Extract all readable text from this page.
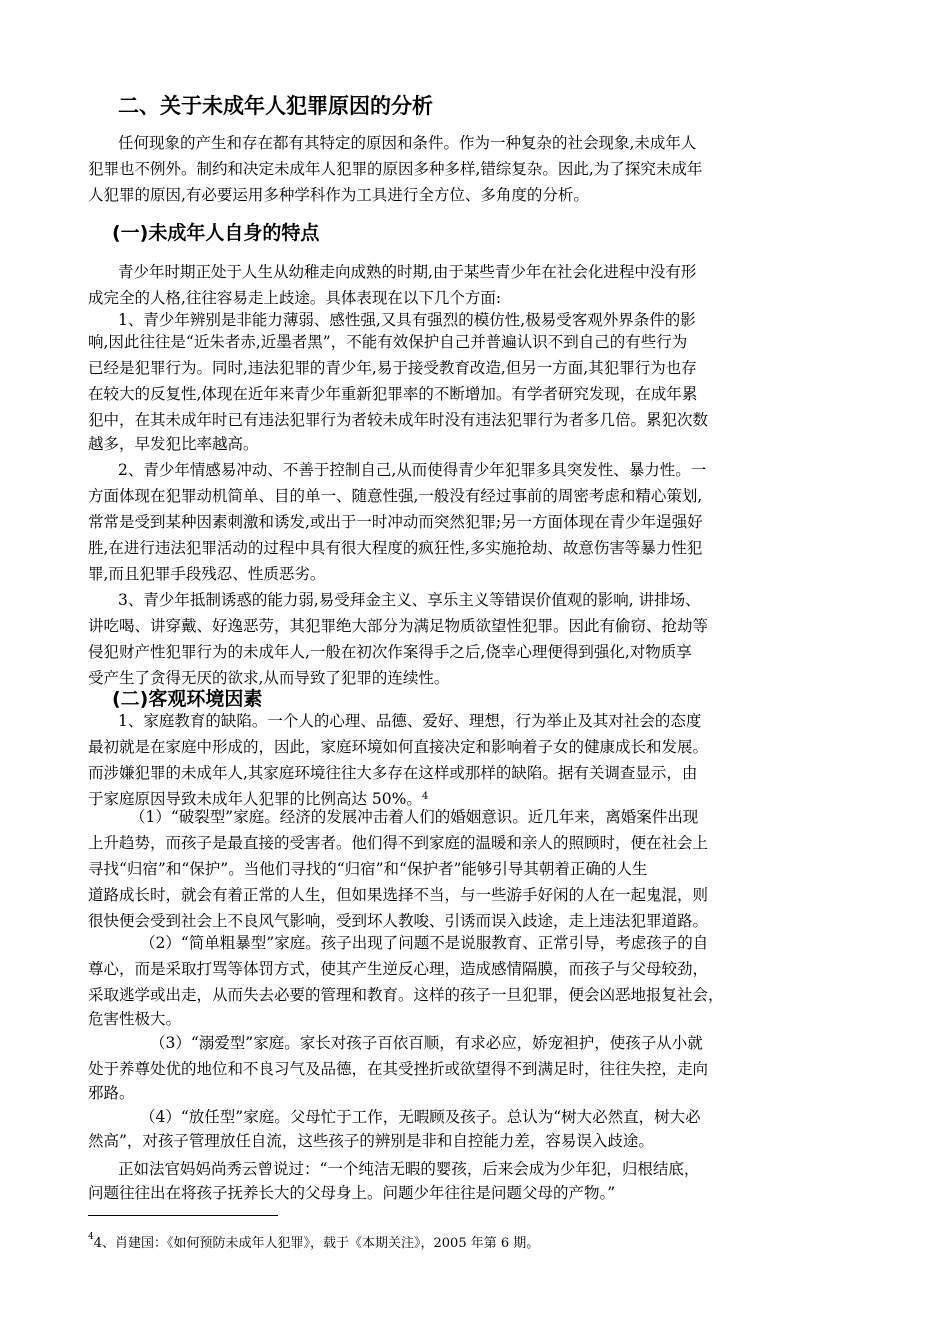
二、关于未成年人犯罪原因的分析
任何现象的产生和存在都有其特定的原因和条件。作为一种复杂的社会现象,未成年人
犯罪也不例外。制约和决定未成年人犯罪的原因多种多样,错综复杂。因此,为了探究未成年
人犯罪的原因,有必要运用多种学科作为工具进行全方位、多角度的分析。
(一)未成年人自身的特点
青少年时期正处于人生从幼稚走向成熟的时期,由于某些青少年在社会化进程中没有形
成完全的人格,往往容易走上歧途。具体表现在以下几个方面:
1、青少年辨别是非能力薄弱、感性强,又具有强烈的模仿性,极易受客观外界条件的影
响,因此往往是“近朱者赤,近墨者黑”，不能有效保护自己并普遍认识不到自己的有些行为
已经是犯罪行为。同时,违法犯罪的青少年,易于接受教育改造,但另一方面,其犯罪行为也存
在较大的反复性,体现在近年来青少年重新犯罪率的不断增加。有学者研究发现，在成年累
犯中，在其未成年时已有违法犯罪行为者较未成年时没有违法犯罪行为者多几倍。累犯次数
越多，早发犯比率越高。
2、青少年情感易冲动、不善于控制自己,从而使得青少年犯罪多具突发性、暴力性。一
方面体现在犯罪动机简单、目的单一、随意性强,一般没有经过事前的周密考虑和精心策划,
常常是受到某种因素刺激和诱发,或出于一时冲动而突然犯罪;另一方面体现在青少年逞强好
胜,在进行违法犯罪活动的过程中具有很大程度的疯狂性,多实施抢劫、故意伤害等暴力性犯
罪,而且犯罪手段残忍、性质恶劣。
3、青少年抵制诱惑的能力弱,易受拜金主义、享乐主义等错误价值观的影响, 讲排场、
讲吃喝、讲穿戴、好逸恶劳，其犯罪绝大部分为满足物质欲望性犯罪。因此有偷窃、抢劫等
侵犯财产性犯罪行为的未成年人,一般在初次作案得手之后,侥幸心理便得到强化,对物质享
受产生了贪得无厌的欲求,从而导致了犯罪的连续性。
(二)客观环境因素
1、家庭教育的缺陷。一个人的心理、品德、爱好、理想，行为举止及其对社会的态度
最初就是在家庭中形成的，因此，家庭环境如何直接决定和影响着子女的健康成长和发展。
而涉嫌犯罪的未成年人,其家庭环境往往大多存在这样或那样的缺陷。据有关调查显示，由
于家庭原因导致未成年人犯罪的比例高达 50%。$^4$
（1）“破裂型”家庭。经济的发展冲击着人们的婚姻意识。近几年来，离婚案件出现
上升趋势，而孩子是最直接的受害者。他们得不到家庭的温暖和亲人的照顾时，便在社会上
寻找“归宿”和“保护”。当他们寻找的“归宿”和“保护者”能够引导其朝着正确的人生
道路成长时，就会有着正常的人生，但如果选择不当，与一些游手好闲的人在一起鬼混，则
很快便会受到社会上不良风气影响，受到坏人教唆、引诱而误入歧途，走上违法犯罪道路。
（2）“简单粗暴型”家庭。孩子出现了问题不是说服教育、正常引导，考虑孩子的自
尊心，而是采取打骂等体罚方式，使其产生逆反心理，造成感情隔膜，而孩子与父母较劲，
采取逃学或出走，从而失去必要的管理和教育。这样的孩子一旦犯罪，便会凶恶地报复社会，
危害性极大。
（3）“溺爱型”家庭。家长对孩子百依百顺，有求必应，娇宠袒护，使孩子从小就
处于养尊处优的地位和不良习气及品德，在其受挫折或欲望得不到满足时，往往失控，走向
邪路。
（4）“放任型”家庭。父母忙于工作，无暇顾及孩子。总认为“树大必然直，树大必
然高”，对孩子管理放任自流，这些孩子的辨别是非和自控能力差，容易误入歧途。
正如法官妈妈尚秀云曾说过：“一个纯洁无暇的婴孩，后来会成为少年犯，归根结底，
问题往往出在将孩子抚养长大的父母身上。问题少年往往是问题父母的产物。”
$^4$4、肖建国：《如何预防未成年人犯罪》，载于《本期关注》，2005 年第 6 期。
